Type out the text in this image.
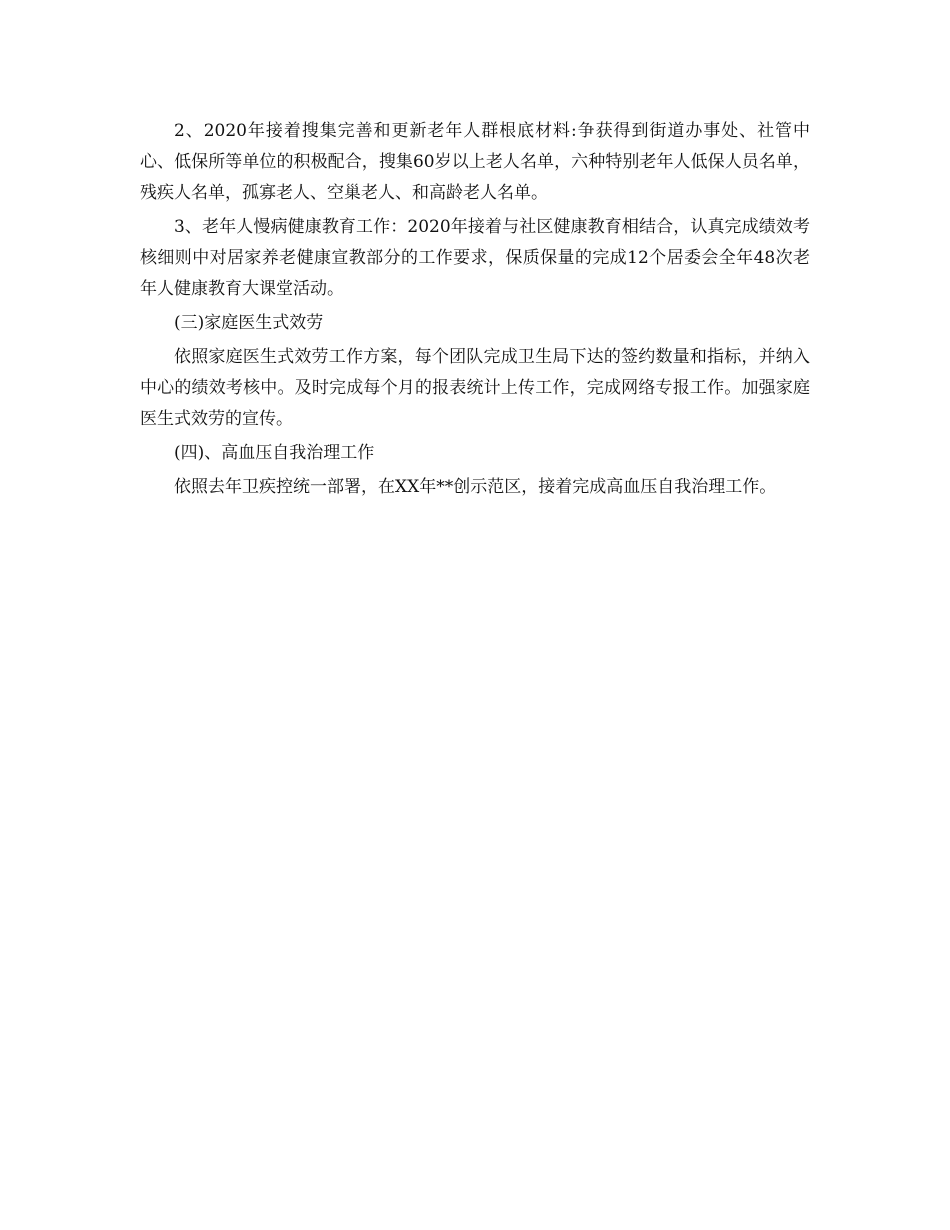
2、2020年接着搜集完善和更新老年人群根底材料:争获得到街道办事处、社管中心、低保所等单位的积极配合，搜集60岁以上老人名单，六种特别老年人低保人员名单，残疾人名单，孤寡老人、空巢老人、和高龄老人名单。

3、老年人慢病健康教育工作：2020年接着与社区健康教育相结合，认真完成绩效考核细则中对居家养老健康宣教部分的工作要求，保质保量的完成12个居委会全年48次老年人健康教育大课堂活动。

(三)家庭医生式效劳

依照家庭医生式效劳工作方案，每个团队完成卫生局下达的签约数量和指标，并纳入中心的绩效考核中。及时完成每个月的报表统计上传工作，完成网络专报工作。加强家庭医生式效劳的宣传。

(四)、高血压自我治理工作

依照去年卫疾控统一部署，在XX年**创示范区，接着完成高血压自我治理工作。
